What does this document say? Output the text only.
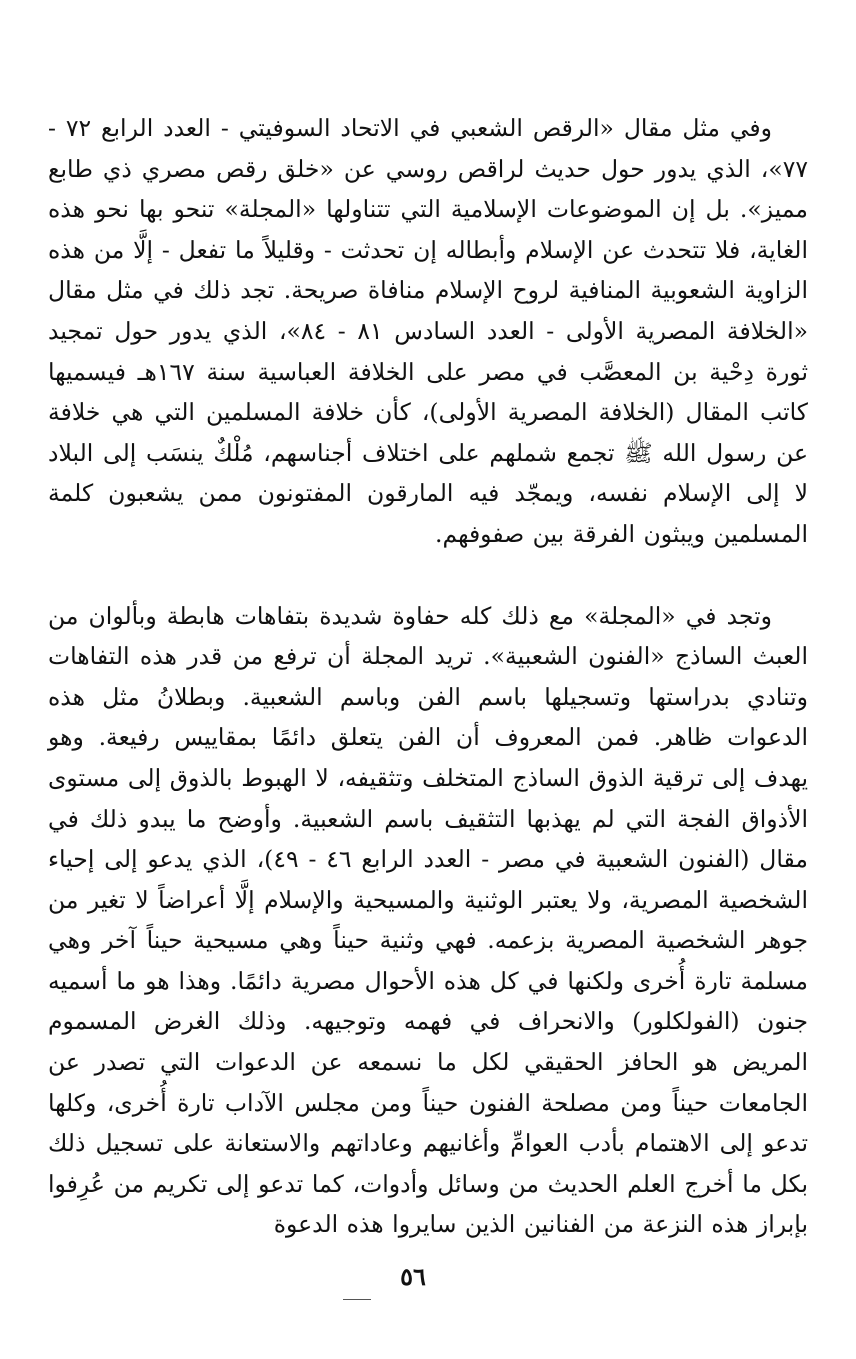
وفي مثل مقال «الرقص الشعبي في الاتحاد السوفيتي - العدد الرابع ٧٢ - ٧٧»، الذي يدور حول حديث لراقص روسي عن «خلق رقص مصري ذي طابع مميز». بل إن الموضوعات الإسلامية التي تتناولها «المجلة» تنحو بها نحو هذه الغاية، فلا تتحدث عن الإسلام وأبطاله إن تحدثت - وقليلاً ما تفعل - إلَّا من هذه الزاوية الشعوبية المنافية لروح الإسلام منافاة صريحة. تجد ذلك في مثل مقال «الخلافة المصرية الأولى - العدد السادس ٨١ - ٨٤»، الذي يدور حول تمجيد ثورة دِحْية بن المعصَّب في مصر على الخلافة العباسية سنة ١٦٧هـ فيسميها كاتب المقال (الخلافة المصرية الأولى)، كأن خلافة المسلمين التي هي خلافة عن رسول الله ﷺ تجمع شملهم على اختلاف أجناسهم، مُلْكٌ ينسَب إلى البلاد لا إلى الإسلام نفسه، ويمجّد فيه المارقون المفتونون ممن يشعبون كلمة المسلمين ويبثون الفرقة بين صفوفهم.

وتجد في «المجلة» مع ذلك كله حفاوة شديدة بتفاهات هابطة وبألوان من العبث الساذج «الفنون الشعبية». تريد المجلة أن ترفع من قدر هذه التفاهات وتنادي بدراستها وتسجيلها باسم الفن وباسم الشعبية. وبطلانُ مثل هذه الدعوات ظاهر. فمن المعروف أن الفن يتعلق دائمًا بمقاييس رفيعة. وهو يهدف إلى ترقية الذوق الساذج المتخلف وتثقيفه، لا الهبوط بالذوق إلى مستوى الأذواق الفجة التي لم يهذبها التثقيف باسم الشعبية. وأوضح ما يبدو ذلك في مقال (الفنون الشعبية في مصر - العدد الرابع ٤٦ - ٤٩)، الذي يدعو إلى إحياء الشخصية المصرية، ولا يعتبر الوثنية والمسيحية والإسلام إلَّا أعراضاً لا تغير من جوهر الشخصية المصرية بزعمه. فهي وثنية حيناً وهي مسيحية حيناً آخر وهي مسلمة تارة أُخرى ولكنها في كل هذه الأحوال مصرية دائمًا. وهذا هو ما أسميه جنون (الفولكلور) والانحراف في فهمه وتوجيهه. وذلك الغرض المسموم المريض هو الحافز الحقيقي لكل ما نسمعه عن الدعوات التي تصدر عن الجامعات حيناً ومن مصلحة الفنون حيناً ومن مجلس الآداب تارة أُخرى، وكلها تدعو إلى الاهتمام بأدب العوامِّ وأغانيهم وعاداتهم والاستعانة على تسجيل ذلك بكل ما أخرج العلم الحديث من وسائل وأدوات، كما تدعو إلى تكريم من عُرِفوا بإبراز هذه النزعة من الفنانين الذين سايروا هذه الدعوة

٥٦
